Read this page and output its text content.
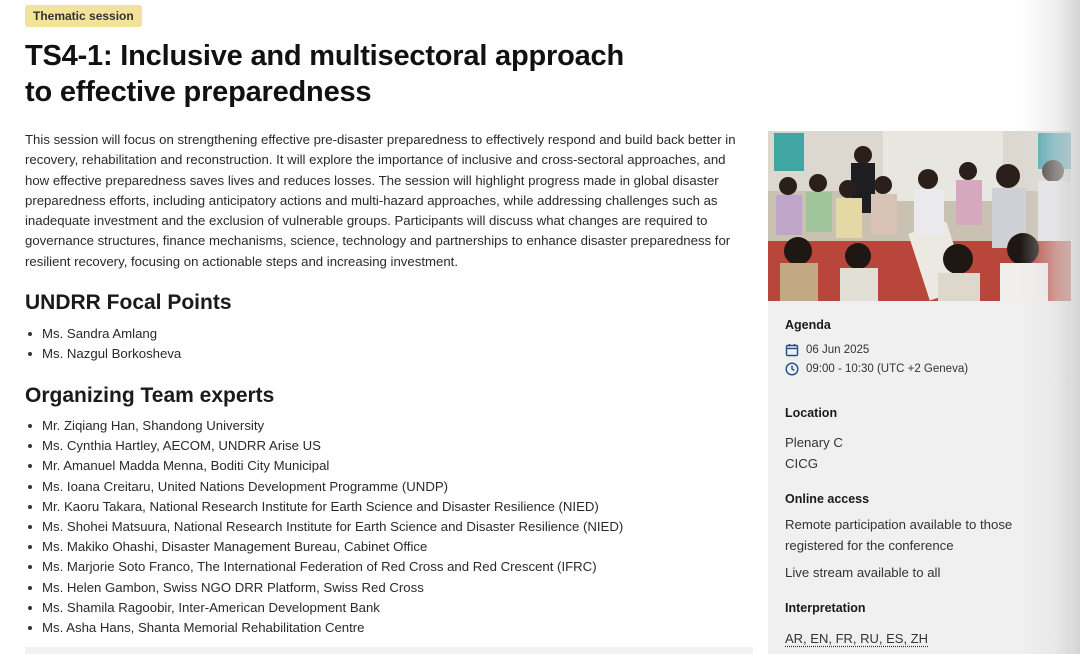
Thematic session
TS4-1: Inclusive and multisectoral approach to effective preparedness

This session will focus on strengthening effective pre-disaster preparedness to effectively respond and build back better in recovery, rehabilitation and reconstruction. It will explore the importance of inclusive and cross-sectoral approaches, and how effective preparedness saves lives and reduces losses. The session will highlight progress made in global disaster preparedness efforts, including anticipatory actions and multi-hazard approaches, while addressing challenges such as inadequate investment and the exclusion of vulnerable groups. Participants will discuss what changes are required to governance structures, finance mechanisms, science, technology and partnerships to enhance disaster preparedness for resilient recovery, focusing on actionable steps and increasing investment.

UNDRR Focal Points
Ms. Sandra Amlang
Ms. Nazgul Borkosheva
Organizing Team experts
Mr. Ziqiang Han, Shandong University
Ms. Cynthia Hartley, AECOM, UNDRR Arise US
Mr. Amanuel Madda Menna, Boditi City Municipal
Ms. Ioana Creitaru, United Nations Development Programme (UNDP)
Mr. Kaoru Takara, National Research Institute for Earth Science and Disaster Resilience (NIED)
Ms. Shohei Matsuura, National Research Institute for Earth Science and Disaster Resilience (NIED)
Ms. Makiko Ohashi, Disaster Management Bureau, Cabinet Office
Ms. Marjorie Soto Franco, The International Federation of Red Cross and Red Crescent (IFRC)
Ms. Helen Gambon, Swiss NGO DRR Platform, Swiss Red Cross
Ms. Shamila Ragoobir, Inter-American Development Bank
Ms. Asha Hans, Shanta Memorial Rehabilitation Centre

Agenda

06 Jun 2025
09:00 - 10:30 (UTC +2 Geneva)

Location

Plenary C

CICG

Online access

Remote participation available to those registered for the conference

Live stream available to all

Interpretation

AR, EN, FR, RU, ES, ZH
